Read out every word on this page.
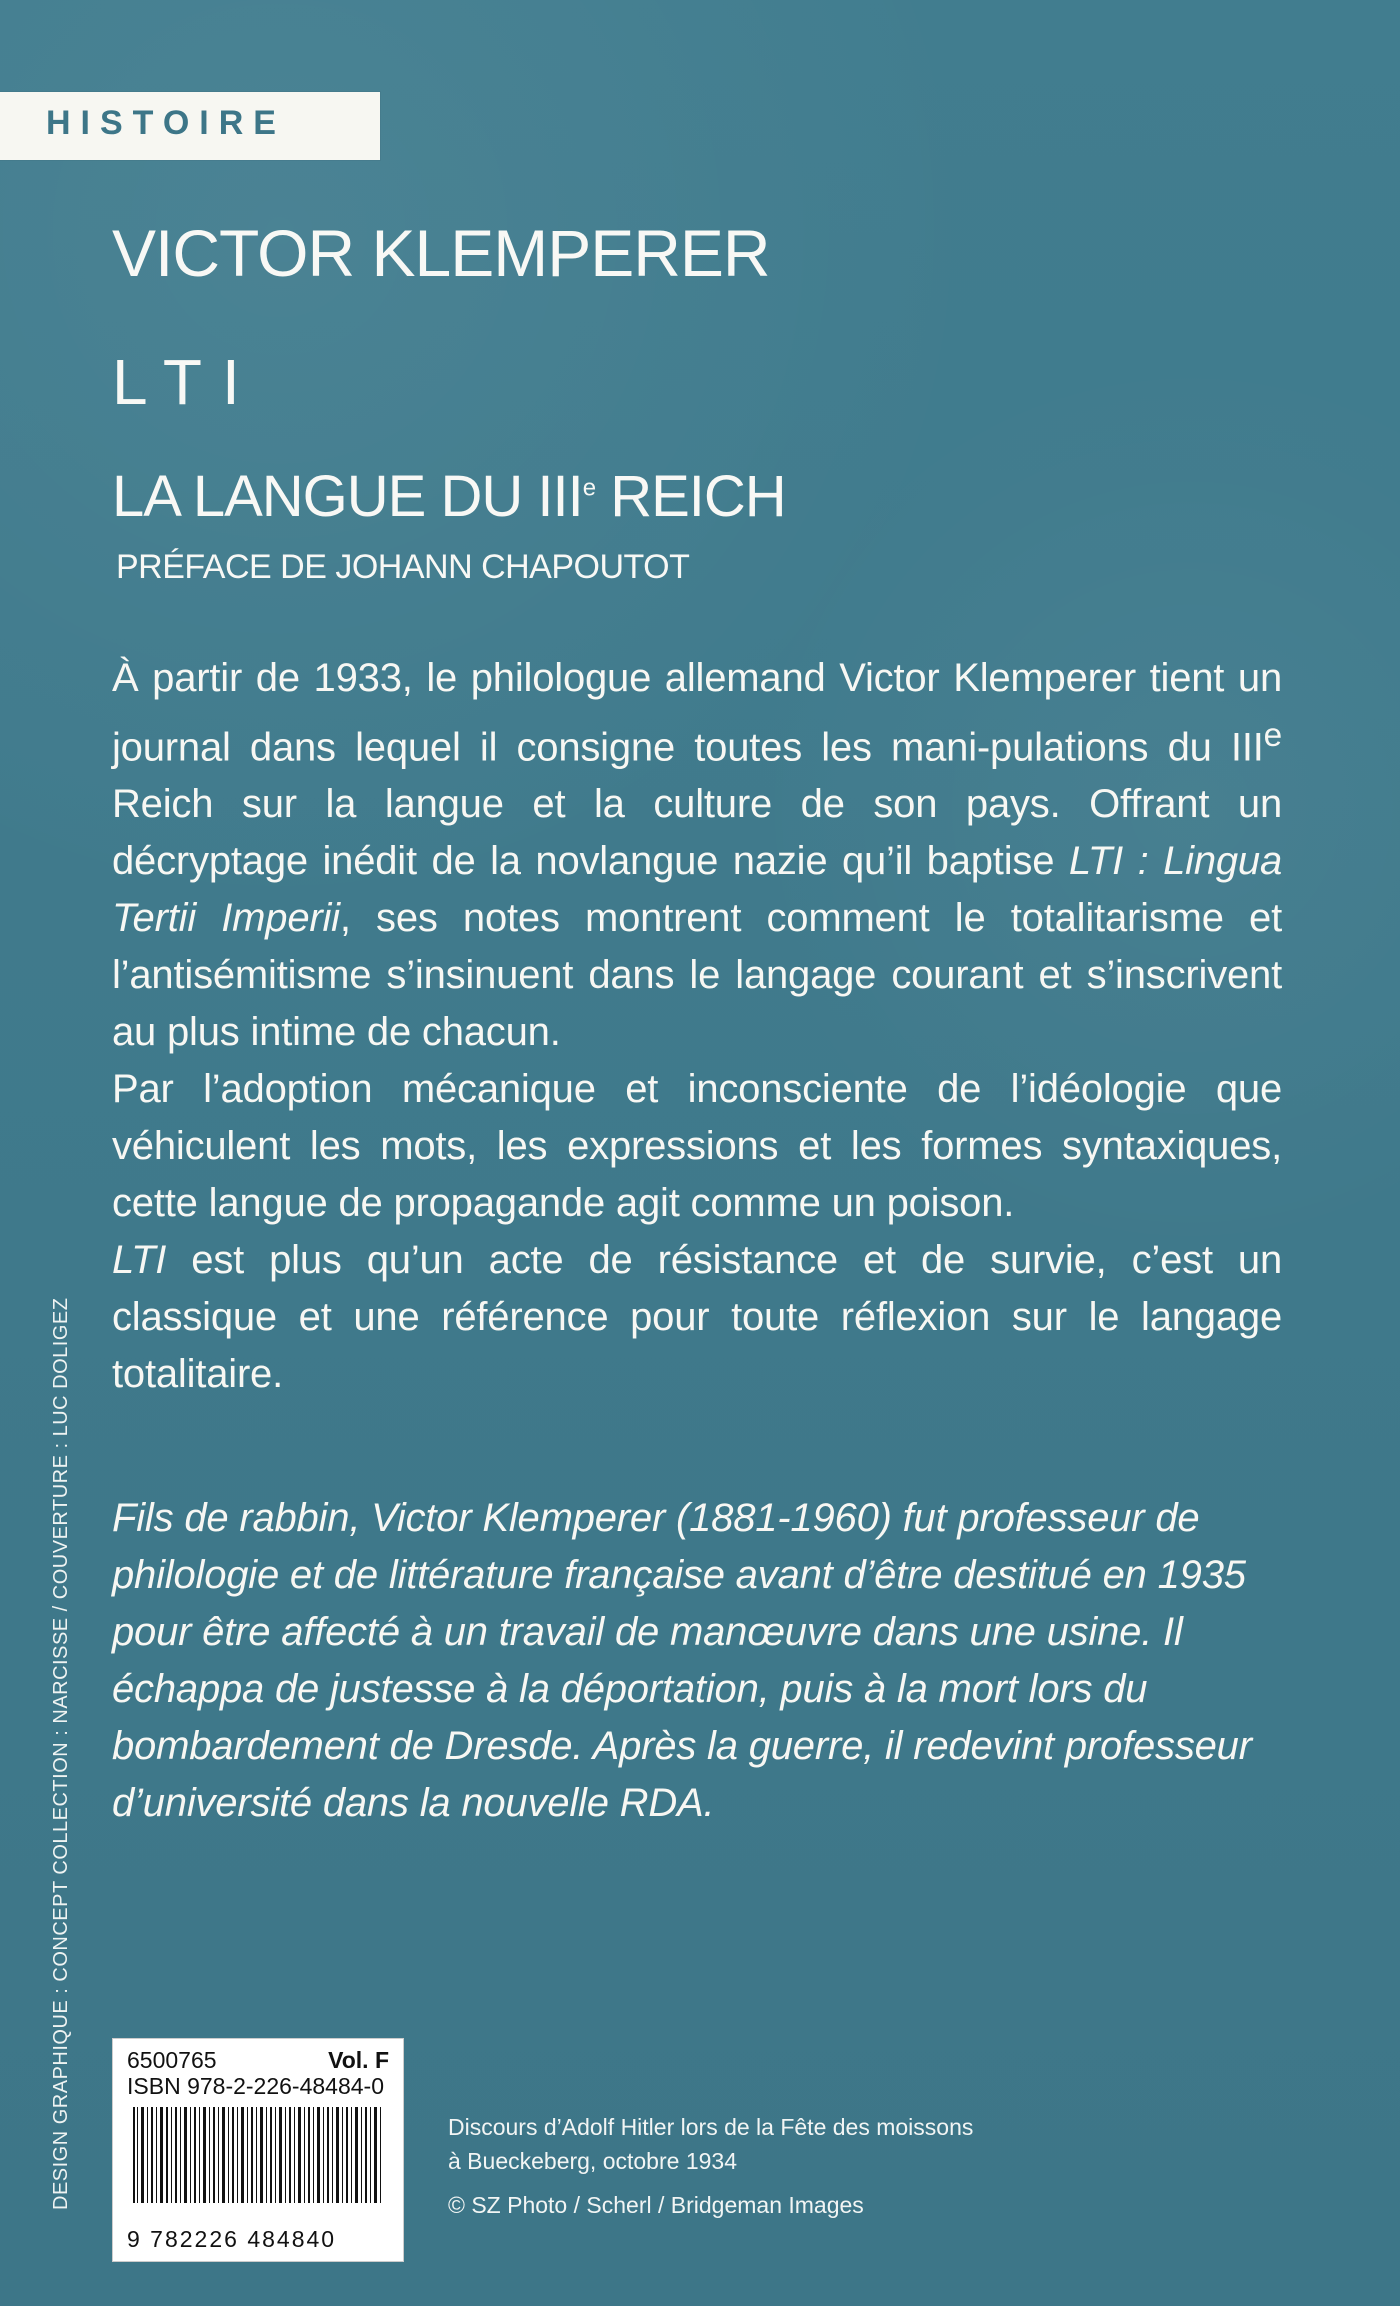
HISTOIRE
VICTOR KLEMPERER
LTI
LA LANGUE DU IIIe REICH
PRÉFACE DE JOHANN CHAPOUTOT

À partir de 1933, le philologue allemand Victor Klemperer tient un journal dans lequel il consigne toutes les mani-pulations du IIIe Reich sur la langue et la culture de son pays. Offrant un décryptage inédit de la novlangue nazie qu’il baptise LTI : Lingua Tertii Imperii, ses notes montrent comment le totalitarisme et l’antisémitisme s’insinuent dans le langage courant et s’inscrivent au plus intime de chacun.

Par l’adoption mécanique et inconsciente de l’idéologie que véhiculent les mots, les expressions et les formes syntaxiques, cette langue de propagande agit comme un poison.

LTI est plus qu’un acte de résistance et de survie, c’est un classique et une référence pour toute réflexion sur le langage totalitaire.

Fils de rabbin, Victor Klemperer (1881-1960) fut professeur de philologie et de littérature française avant d’être destitué en 1935 pour être affecté à un travail de manœuvre dans une usine. Il échappa de justesse à la déportation, puis à la mort lors du bombardement de Dresde. Après la guerre, il redevint professeur d’université dans la nouvelle RDA.

DESIGN GRAPHIQUE : CONCEPT COLLECTION : NARCISSE / COUVERTURE : LUC DOLIGEZ 6500765	Vol. F
ISBN 978-2-226-48484-0
9 782226 484840
Discours d’Adolf Hitler lors de la Fête des moissons
à Bueckeberg, octobre 1934
© SZ Photo / Scherl / Bridgeman Images
